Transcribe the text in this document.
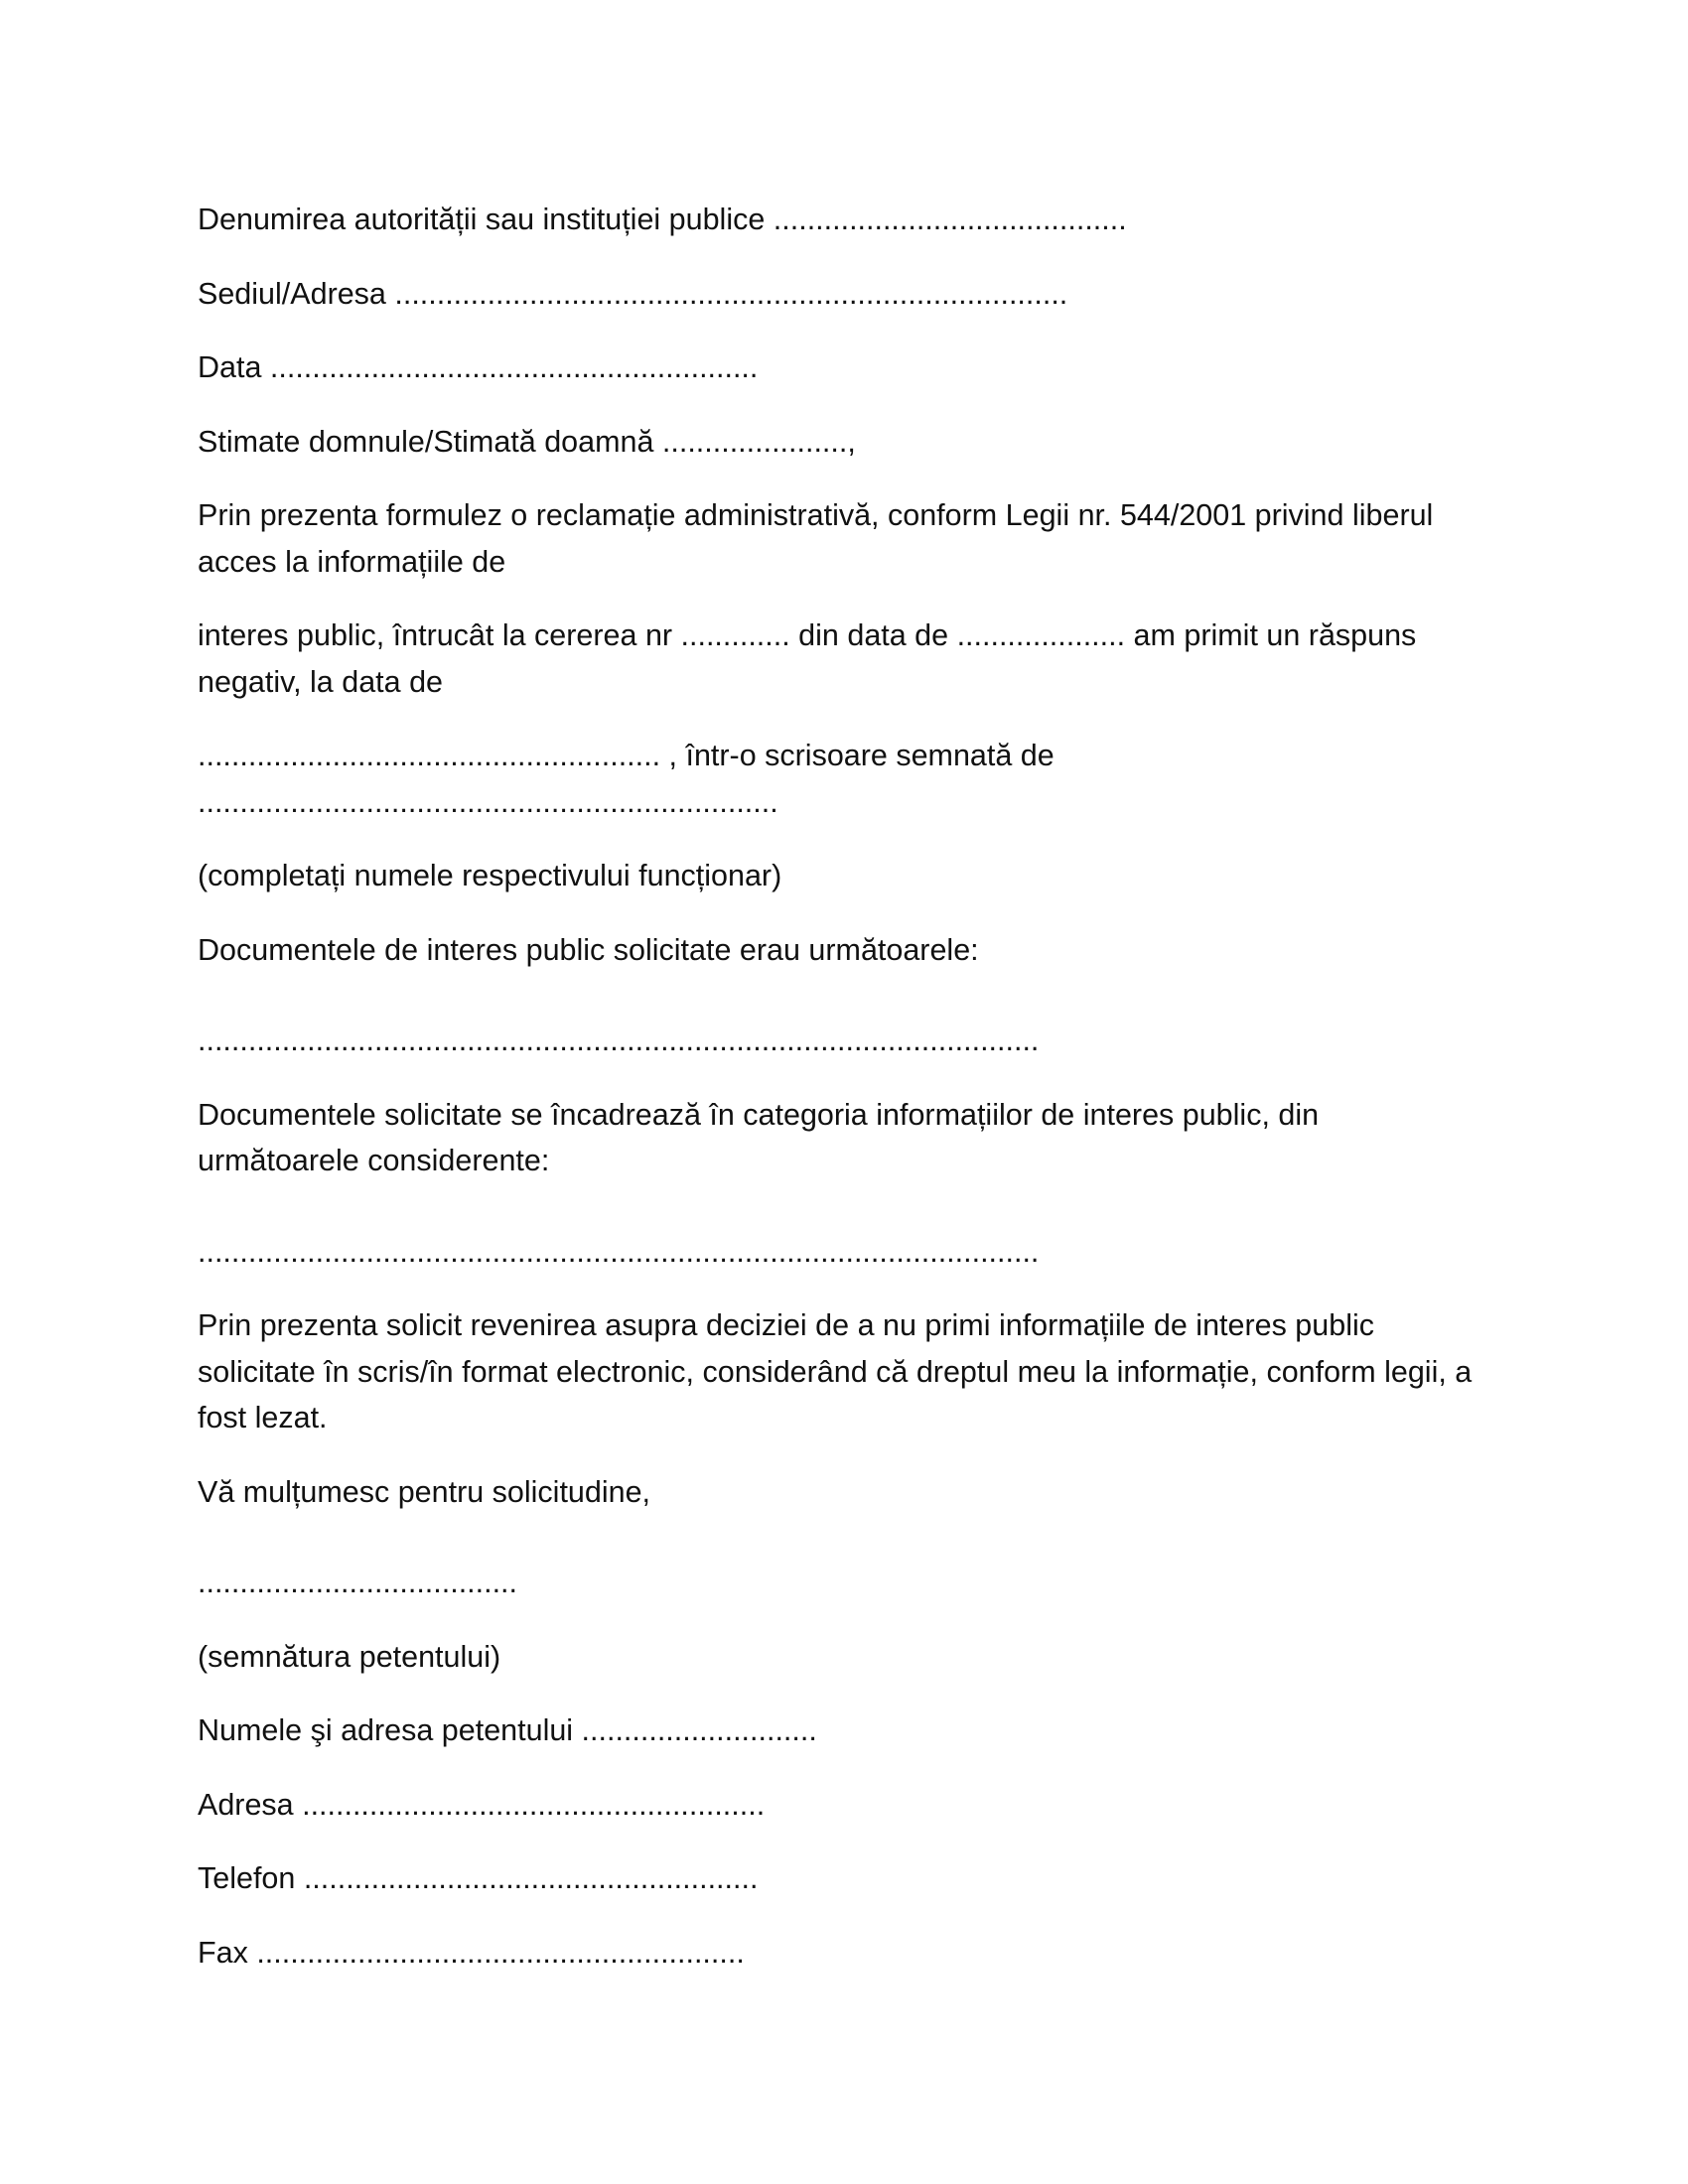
Denumirea autorității sau instituției publice ..........................................

Sediul/Adresa ................................................................................

Data ..........................................................

Stimate domnule/Stimată doamnă ......................,

Prin prezenta formulez o reclamație administrativă, conform Legii nr. 544/2001 privind liberul acces la informațiile de

interes public, întrucât la cererea nr ............. din data de .................... am primit un răspuns negativ, la data de

....................................................... , într-o scrisoare semnată de .....................................................................

(completați numele respectivului funcționar)

Documentele de interes public solicitate erau următoarele:

....................................................................................................

Documentele solicitate se încadrează în categoria informațiilor de interes public, din următoarele considerente:

....................................................................................................

Prin prezenta solicit revenirea asupra deciziei de a nu primi informațiile de interes public solicitate în scris/în format electronic, considerând că dreptul meu la informație, conform legii, a fost lezat.

Vă mulțumesc pentru solicitudine,

......................................

(semnătura petentului)

Numele şi adresa petentului ............................

Adresa .......................................................

Telefon ......................................................

Fax ..........................................................
